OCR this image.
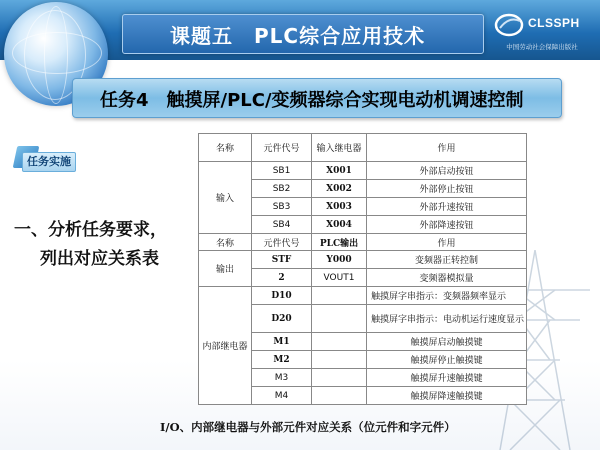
课题五　PLC综合应用技术
CLSSPH
中国劳动社会保障出版社
任务4　触摸屏/PLC/变频器综合实现电动机调速控制
任务实施
一、分析任务要求，
列出对应关系表
名称	元件代号	输入继电器	作用
输入	SB1	X001	外部启动按钮
	SB2	X002	外部停止按钮
	SB3	X003	外部升速按钮
	SB4	X004	外部降速按钮
名称	元件代号	PLC输出	作用
输出	STF	Y000	变频器正转控制
	2	VOUT1	变频器模拟量
内部继电器	D10		触摸屏字串指示：变频器频率显示
	D20		触摸屏字串指示：电动机运行速度显示
	M1		触摸屏启动触摸键
	M2		触摸屏停止触摸键
	M3		触摸屏升速触摸键
	M4		触摸屏降速触摸键
I/O、内部继电器与外部元件对应关系（位元件和字元件）
